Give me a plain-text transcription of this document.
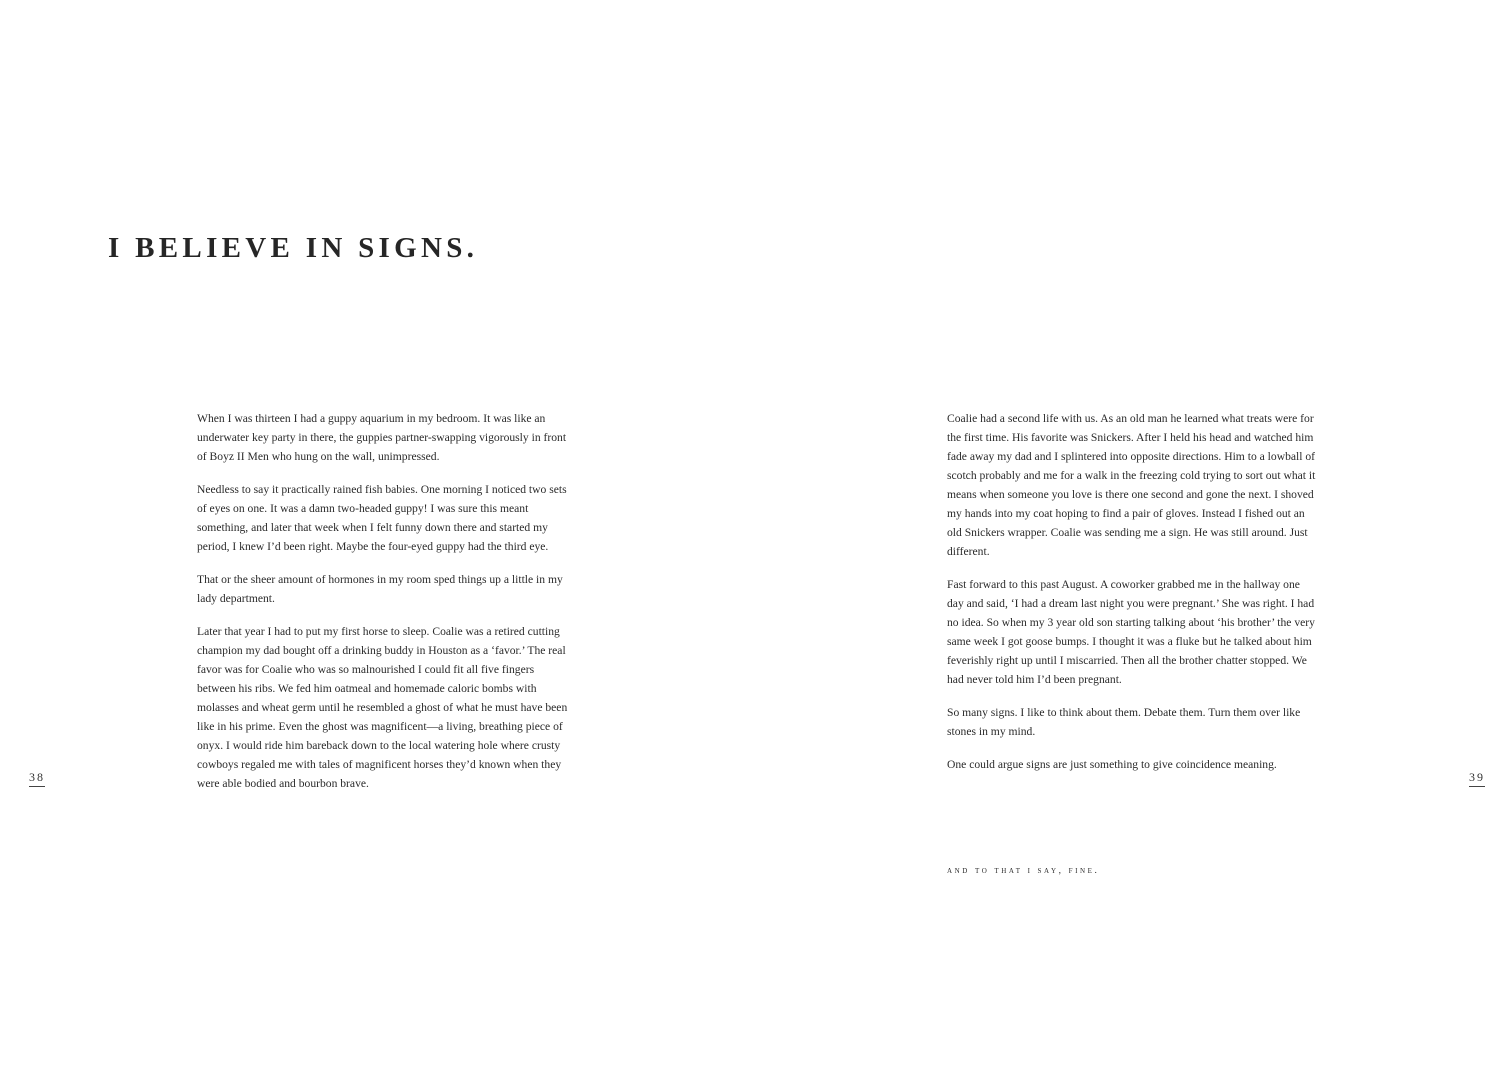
I BELIEVE IN SIGNS.

When I was thirteen I had a guppy aquarium in my bedroom. It was like an underwater key party in there, the guppies partner-swapping vigorously in front of Boyz II Men who hung on the wall, unimpressed.

Needless to say it practically rained fish babies. One morning I noticed two sets of eyes on one. It was a damn two-headed guppy! I was sure this meant something, and later that week when I felt funny down there and started my period, I knew I’d been right. Maybe the four-eyed guppy had the third eye.

That or the sheer amount of hormones in my room sped things up a little in my lady department.

Later that year I had to put my first horse to sleep. Coalie was a retired cutting champion my dad bought off a drinking buddy in Houston as a ‘favor.’ The real favor was for Coalie who was so malnourished I could fit all five fingers between his ribs. We fed him oatmeal and homemade caloric bombs with molasses and wheat germ until he resembled a ghost of what he must have been like in his prime. Even the ghost was magnificent—a living, breathing piece of onyx. I would ride him bareback down to the local watering hole where crusty cowboys regaled me with tales of magnificent horses they’d known when they were able bodied and bourbon brave.

Coalie had a second life with us. As an old man he learned what treats were for the first time. His favorite was Snickers. After I held his head and watched him fade away my dad and I splintered into opposite directions. Him to a lowball of scotch probably and me for a walk in the freezing cold trying to sort out what it means when someone you love is there one second and gone the next. I shoved my hands into my coat hoping to find a pair of gloves. Instead I fished out an old Snickers wrapper. Coalie was sending me a sign. He was still around. Just different.

Fast forward to this past August. A coworker grabbed me in the hallway one day and said, ‘I had a dream last night you were pregnant.’ She was right. I had no idea. So when my 3 year old son starting talking about ‘his brother’ the very same week I got goose bumps. I thought it was a fluke but he talked about him feverishly right up until I miscarried. Then all the brother chatter stopped. We had never told him I’d been pregnant.

So many signs. I like to think about them. Debate them. Turn them over like stones in my mind.

One could argue signs are just something to give coincidence meaning.

and to that i say, fine.
38	39
